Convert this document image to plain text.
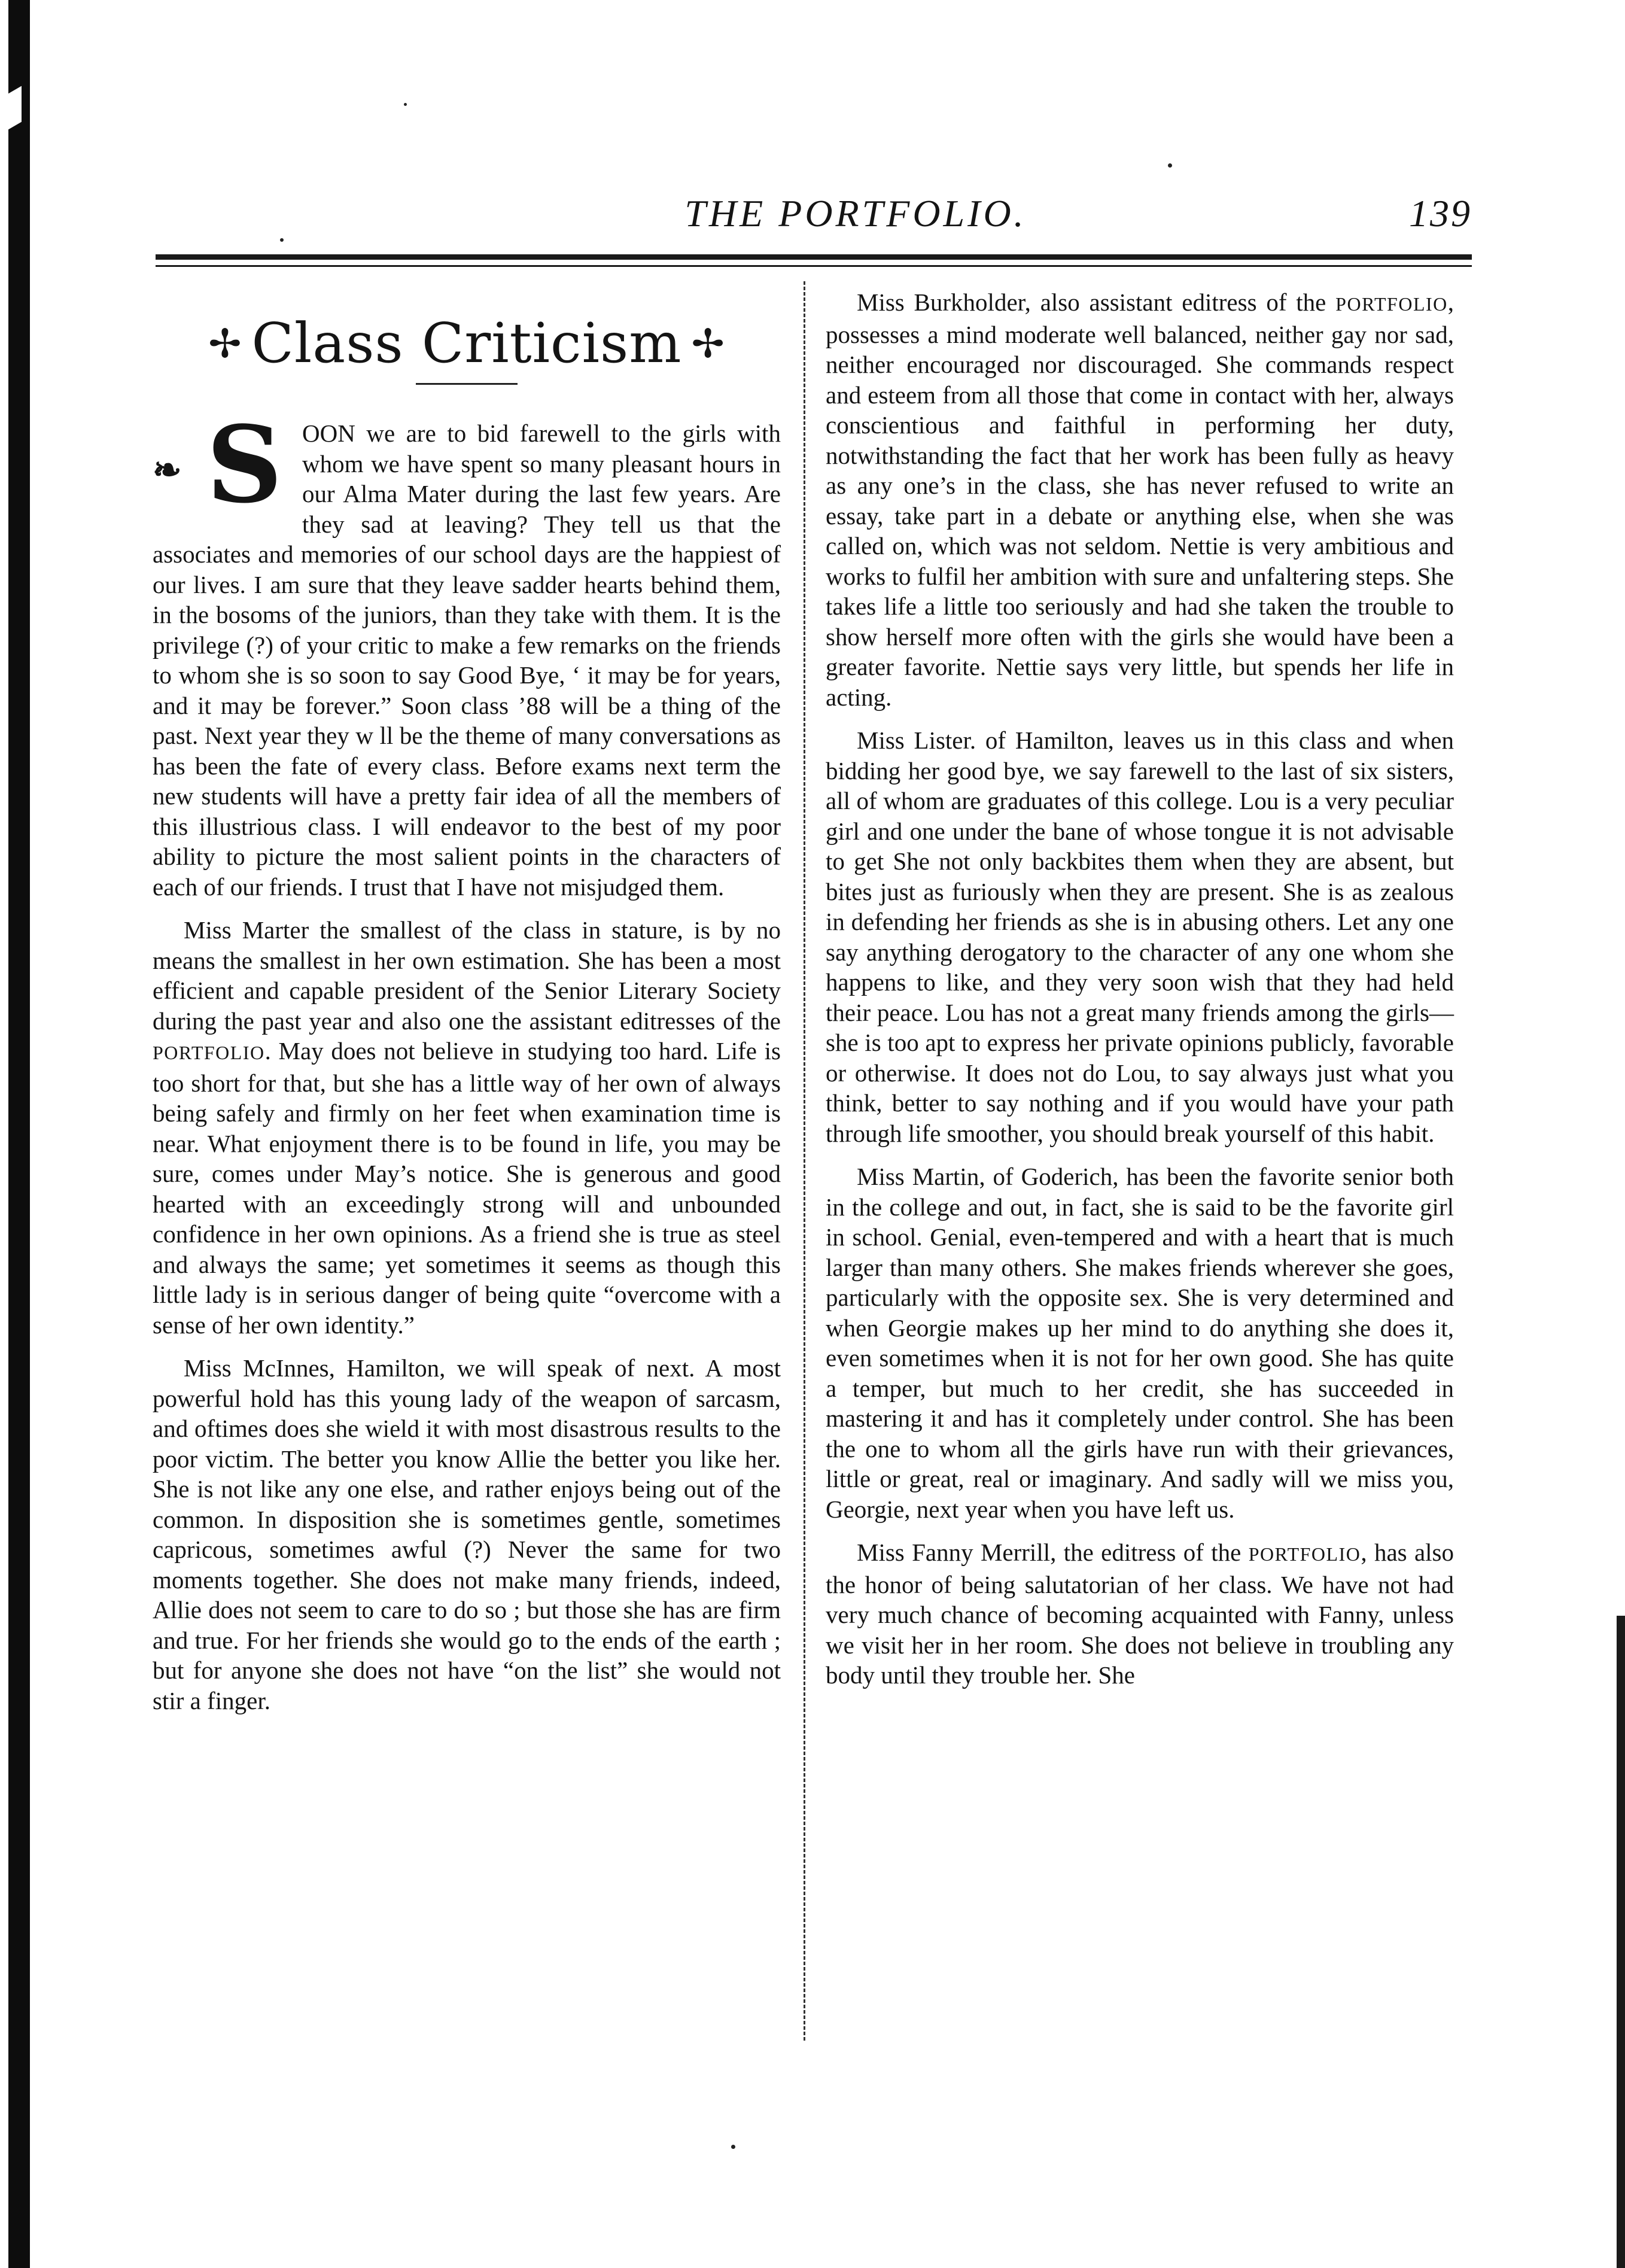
THE PORTFOLIO.	139
✢ Class Criticism ✢

❧ S OON we are to bid farewell to the girls with whom we have spent so many pleasant hours in our Alma Mater during the last few years. Are they sad at leaving? They tell us that the associates and memories of our school days are the happiest of our lives. I am sure that they leave sadder hearts behind them, in the bosoms of the juniors, than they take with them. It is the privilege (?) of your critic to make a few remarks on the friends to whom she is so soon to say Good Bye, ‘ it may be for years, and it may be forever.” Soon class ’88 will be a thing of the past. Next year they w ll be the theme of many conversations as has been the fate of every class. Before exams next term the new students will have a pretty fair idea of all the members of this illustrious class. I will endeavor to the best of my poor ability to picture the most salient points in the characters of each of our friends. I trust that I have not misjudged them.

Miss Marter the smallest of the class in stature, is by no means the smallest in her own estimation. She has been a most efficient and capable president of the Senior Literary Society during the past year and also one the assistant editresses of the PORTFOLIO. May does not believe in studying too hard. Life is too short for that, but she has a little way of her own of always being safely and firmly on her feet when examination time is near. What enjoyment there is to be found in life, you may be sure, comes under May’s notice. She is generous and good hearted with an exceedingly strong will and unbounded confidence in her own opinions. As a friend she is true as steel and always the same; yet sometimes it seems as though this little lady is in serious danger of being quite “overcome with a sense of her own identity.”

Miss McInnes, Hamilton, we will speak of next. A most powerful hold has this young lady of the weapon of sarcasm, and oftimes does she wield it with most disastrous results to the poor victim. The better you know Allie the better you like her. She is not like any one else, and rather enjoys being out of the common. In disposition she is sometimes gentle, sometimes capricous, sometimes awful (?) Never the same for two moments together. She does not make many friends, indeed, Allie does not seem to care to do so ; but those she has are firm and true. For her friends she would go to the ends of the earth ; but for anyone she does not have “on the list” she would not stir a finger.

Miss Burkholder, also assistant editress of the PORTFOLIO, possesses a mind moderate well balanced, neither gay nor sad, neither encouraged nor discouraged. She commands respect and esteem from all those that come in contact with her, always conscientious and faithful in performing her duty, notwithstanding the fact that her work has been fully as heavy as any one’s in the class, she has never refused to write an essay, take part in a debate or anything else, when she was called on, which was not seldom. Nettie is very ambitious and works to fulfil her ambition with sure and unfaltering steps. She takes life a little too seriously and had she taken the trouble to show herself more often with the girls she would have been a greater favorite. Nettie says very little, but spends her life in acting.

Miss Lister. of Hamilton, leaves us in this class and when bidding her good bye, we say farewell to the last of six sisters, all of whom are graduates of this college. Lou is a very peculiar girl and one under the bane of whose tongue it is not advisable to get She not only backbites them when they are absent, but bites just as furiously when they are present. She is as zealous in defending her friends as she is in abusing others. Let any one say anything derogatory to the character of any one whom she happens to like, and they very soon wish that they had held their peace. Lou has not a great many friends among the girls—she is too apt to express her private opinions publicly, favorable or otherwise. It does not do Lou, to say always just what you think, better to say nothing and if you would have your path through life smoother, you should break yourself of this habit.

Miss Martin, of Goderich, has been the favorite senior both in the college and out, in fact, she is said to be the favorite girl in school. Genial, even-tempered and with a heart that is much larger than many others. She makes friends wherever she goes, particularly with the opposite sex. She is very determined and when Georgie makes up her mind to do anything she does it, even sometimes when it is not for her own good. She has quite a temper, but much to her credit, she has succeeded in mastering it and has it completely under control. She has been the one to whom all the girls have run with their grievances, little or great, real or imaginary. And sadly will we miss you, Georgie, next year when you have left us.

Miss Fanny Merrill, the editress of the PORTFOLIO, has also the honor of being salutatorian of her class. We have not had very much chance of becoming acquainted with Fanny, unless we visit her in her room. She does not believe in troubling any body until they trouble her. She
